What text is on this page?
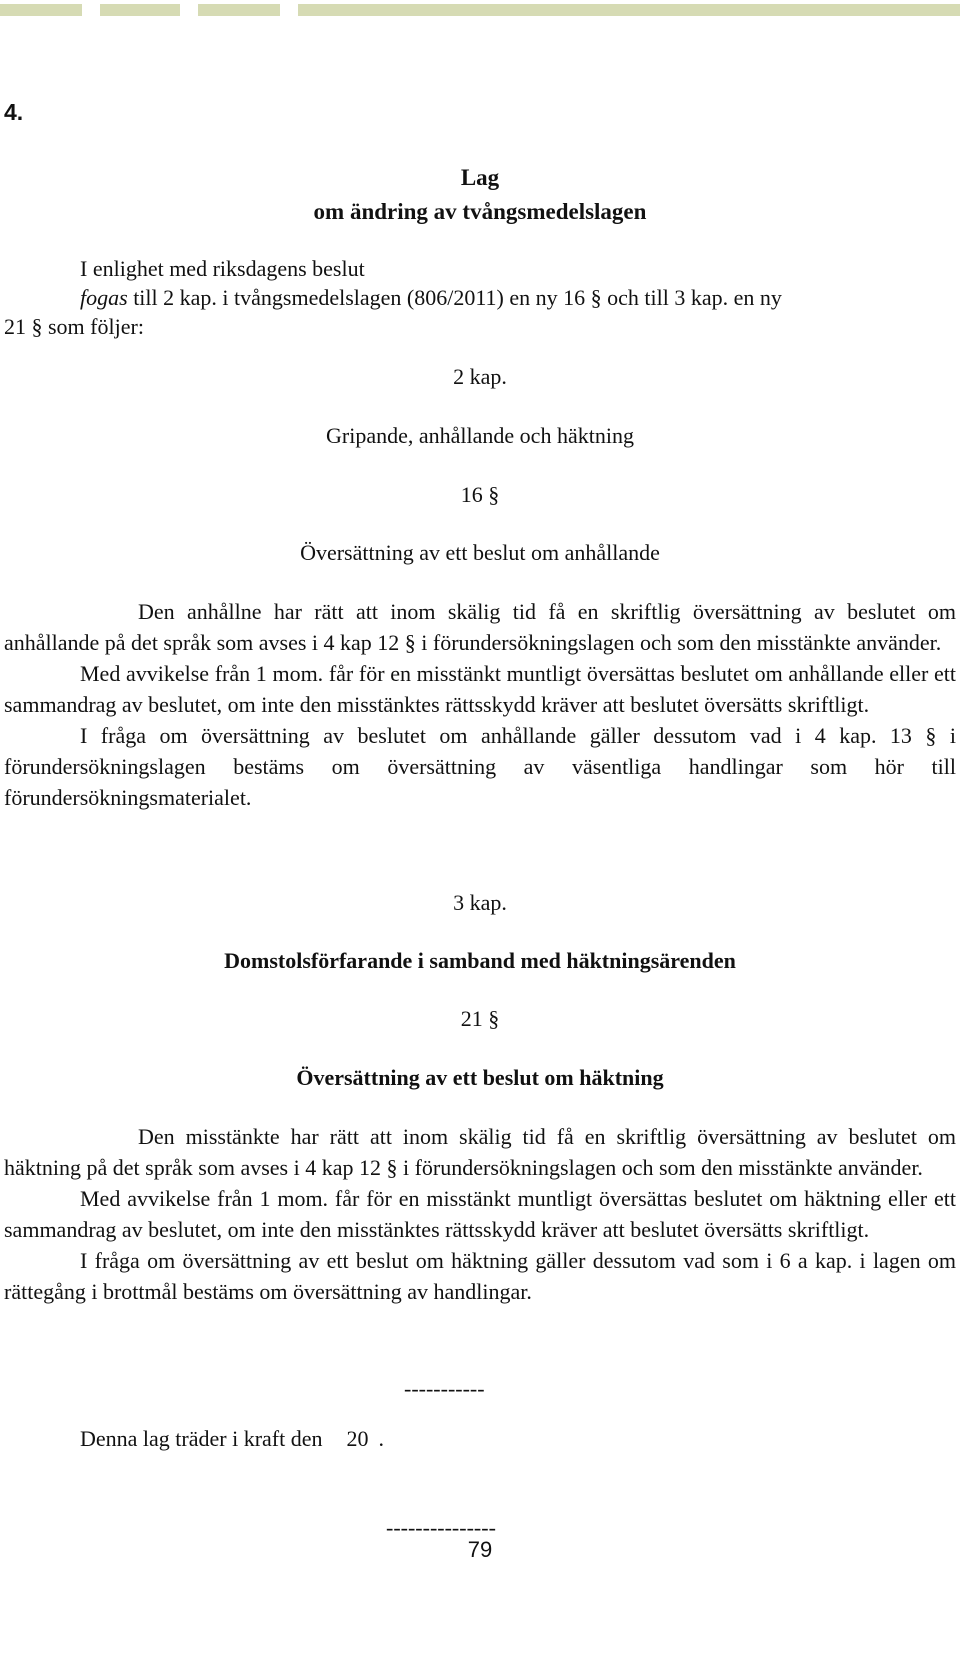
4.
Lag
om ändring av tvångsmedelslagen
I enlighet med riksdagens beslut
fogas till 2 kap. i tvångsmedelslagen (806/2011) en ny 16 § och till 3 kap. en ny
21 § som följer:
2 kap.
Gripande, anhållande och häktning
16 §
Översättning av ett beslut om anhållande

Den anhållne har rätt att inom skälig tid få en skriftlig översättning av beslutet om anhållande på det språk som avses i 4 kap 12 § i förundersökningslagen och som den misstänkte använder.

Med avvikelse från 1 mom. får för en misstänkt muntligt översättas beslutet om anhållande eller ett sammandrag av beslutet, om inte den misstänktes rättsskydd kräver att beslutet översätts skriftligt.

I fråga om översättning av beslutet om anhållande gäller dessutom vad i 4 kap. 13 § i förundersökningslagen bestäms om översättning av väsentliga handlingar som hör till förundersökningsmaterialet.

3 kap.
Domstolsförfarande i samband med häktningsärenden
21 §
Översättning av ett beslut om häktning

Den misstänkte har rätt att inom skälig tid få en skriftlig översättning av beslutet om häktning på det språk som avses i 4 kap 12 § i förundersökningslagen och som den misstänkte använder.

Med avvikelse från 1 mom. får för en misstänkt muntligt översättas beslutet om häktning eller ett sammandrag av beslutet, om inte den misstänktes rättsskydd kräver att beslutet översätts skriftligt.

I fråga om översättning av ett beslut om häktning gäller dessutom vad som i 6 a kap. i lagen om rättegång i brottmål bestäms om översättning av handlingar.

-----------
Denna lag träder i kraft den 20 .
---------------
79
